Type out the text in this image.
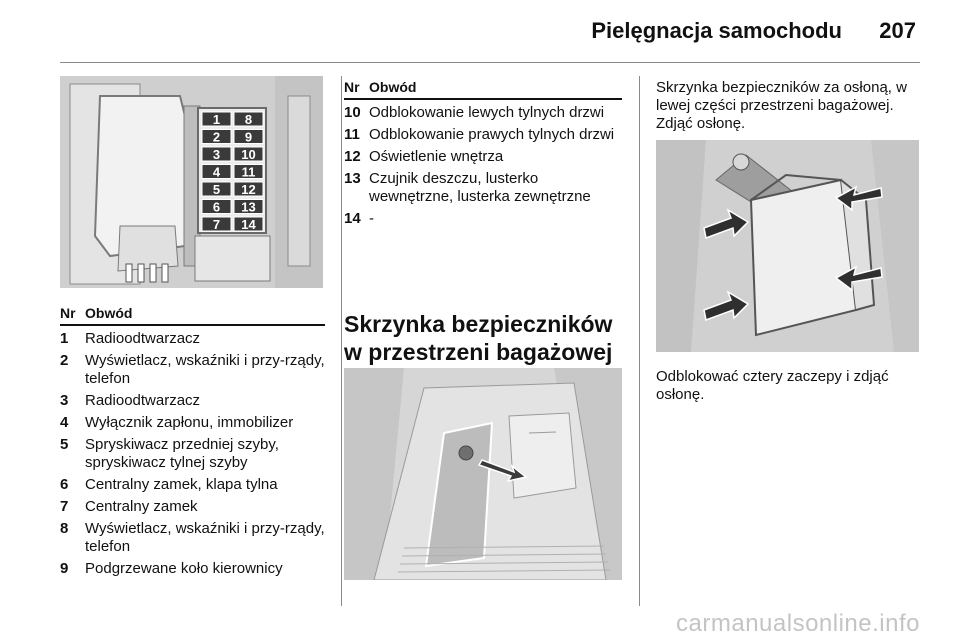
Pielęgnacja samochodu 207
1
2
3
4
5
6
7
8
9
10
11
12
13
14
Nr Obwód
1	Radioodtwarzacz
2	Wyświetlacz, wskaźniki i przy-rządy, telefon
3	Radioodtwarzacz
4	Wyłącznik zapłonu, immobilizer
5	Spryskiwacz przedniej szyby, spryskiwacz tylnej szyby
6	Centralny zamek, klapa tylna
7	Centralny zamek
8	Wyświetlacz, wskaźniki i przy-rządy, telefon
9	Podgrzewane koło kierownicy
Nr Obwód
10 Odblokowanie lewych tylnych drzwi
11 Odblokowanie prawych tylnych drzwi
12 Oświetlenie wnętrza
13 Czujnik deszczu, lusterko wewnętrzne, lusterka zewnętrzne
14 -
Skrzynka bezpieczników w przestrzeni bagażowej
Skrzynka bezpieczników za osłoną, w lewej części przestrzeni bagażowej. Zdjąć osłonę.
Odblokować cztery zaczepy i zdjąć osłonę.
carmanualsonline.info
